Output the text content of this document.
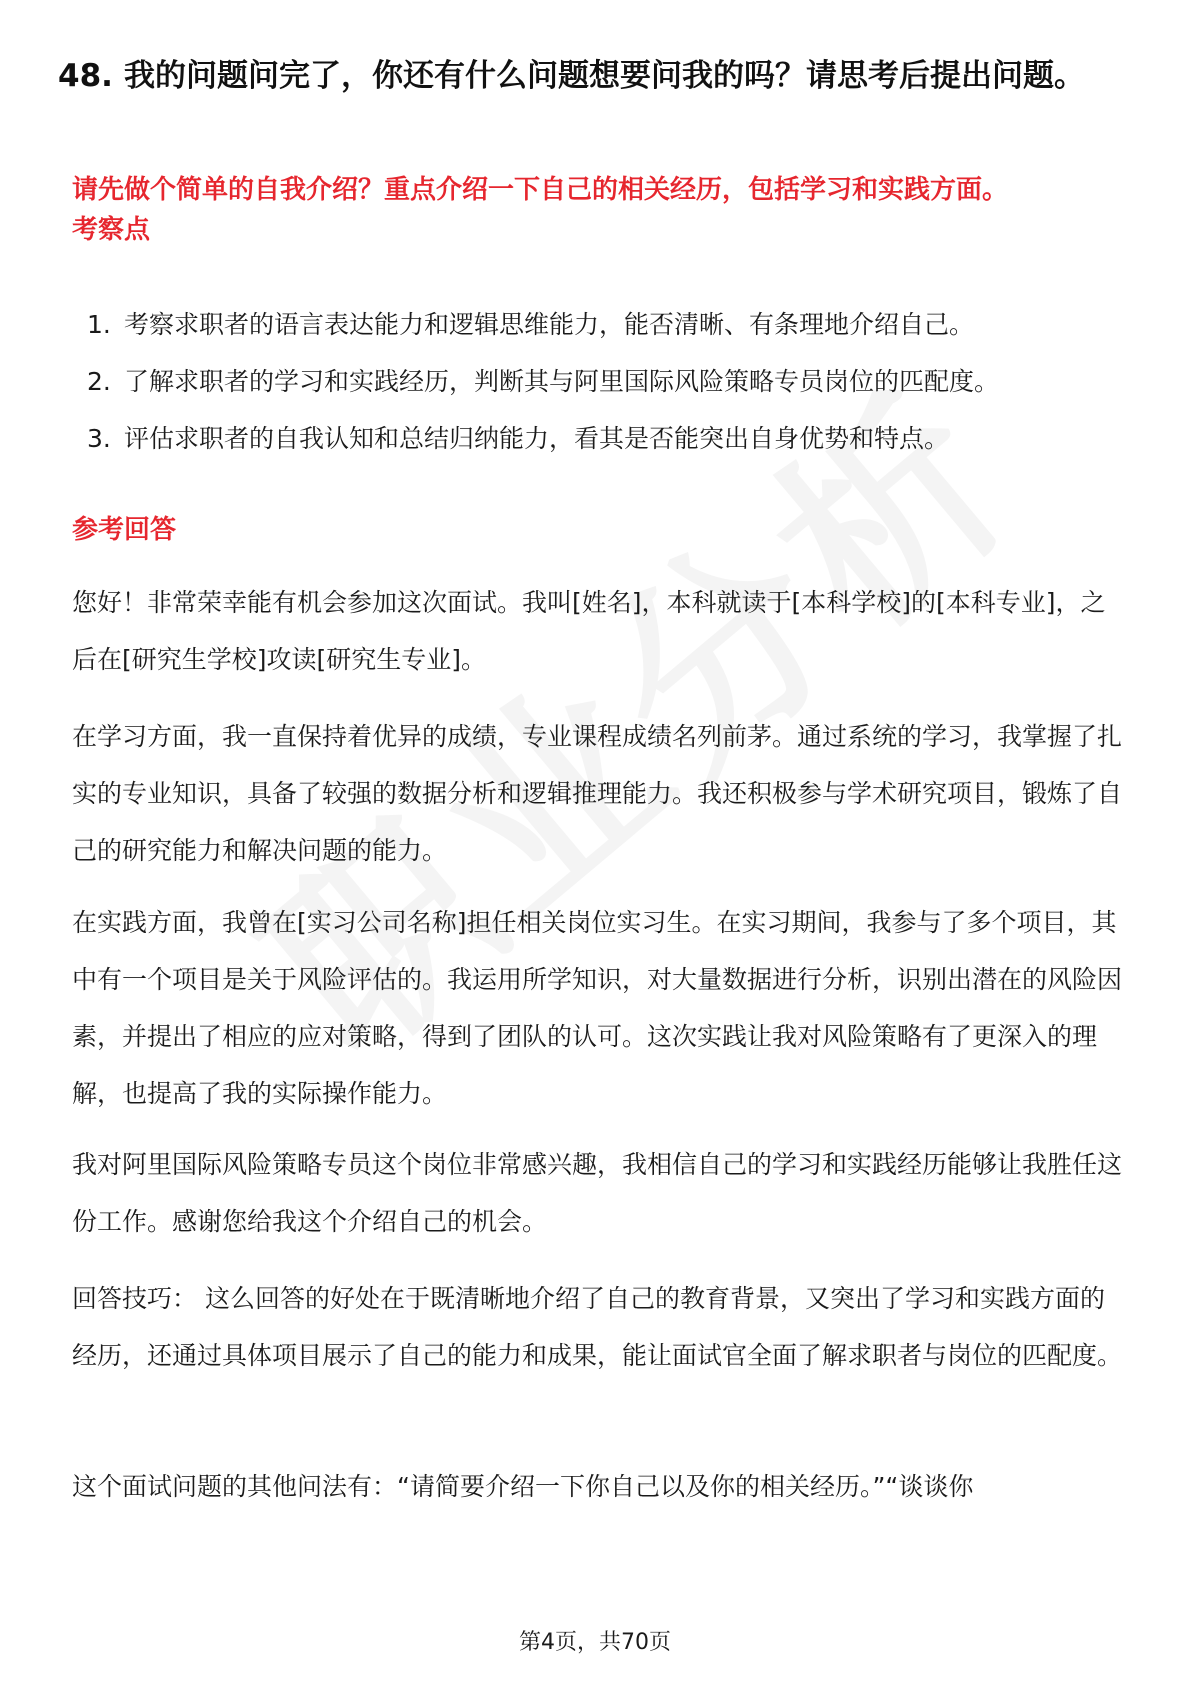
48. 我的问题问完了，你还有什么问题想要问我的吗？请思考后提出问题。
请先做个简单的自我介绍？重点介绍一下自己的相关经历，包括学习和实践方面。
考察点
1. 考察求职者的语言表达能力和逻辑思维能力，能否清晰、有条理地介绍自己。
2. 了解求职者的学习和实践经历，判断其与阿里国际风险策略专员岗位的匹配度。
3. 评估求职者的自我认知和总结归纳能力，看其是否能突出自身优势和特点。
参考回答
您好！非常荣幸能有机会参加这次面试。我叫[姓名]，本科就读于[本科学校]的[本科专业]，之后在[研究生学校]攻读[研究生专业]。
在学习方面，我一直保持着优异的成绩，专业课程成绩名列前茅。通过系统的学习，我掌握了扎实的专业知识，具备了较强的数据分析和逻辑推理能力。我还积极参与学术研究项目，锻炼了自己的研究能力和解决问题的能力。
在实践方面，我曾在[实习公司名称]担任相关岗位实习生。在实习期间，我参与了多个项目，其中有一个项目是关于风险评估的。我运用所学知识，对大量数据进行分析，识别出潜在的风险因素，并提出了相应的应对策略，得到了团队的认可。这次实践让我对风险策略有了更深入的理解，也提高了我的实际操作能力。
我对阿里国际风险策略专员这个岗位非常感兴趣，我相信自己的学习和实践经历能够让我胜任这份工作。感谢您给我这个介绍自己的机会。
回答技巧： 这么回答的好处在于既清晰地介绍了自己的教育背景，又突出了学习和实践方面的经历，还通过具体项目展示了自己的能力和成果，能让面试官全面了解求职者与岗位的匹配度。
这个面试问题的其他问法有：“请简要介绍一下你自己以及你的相关经历。”“谈谈你
第4页，共70页
